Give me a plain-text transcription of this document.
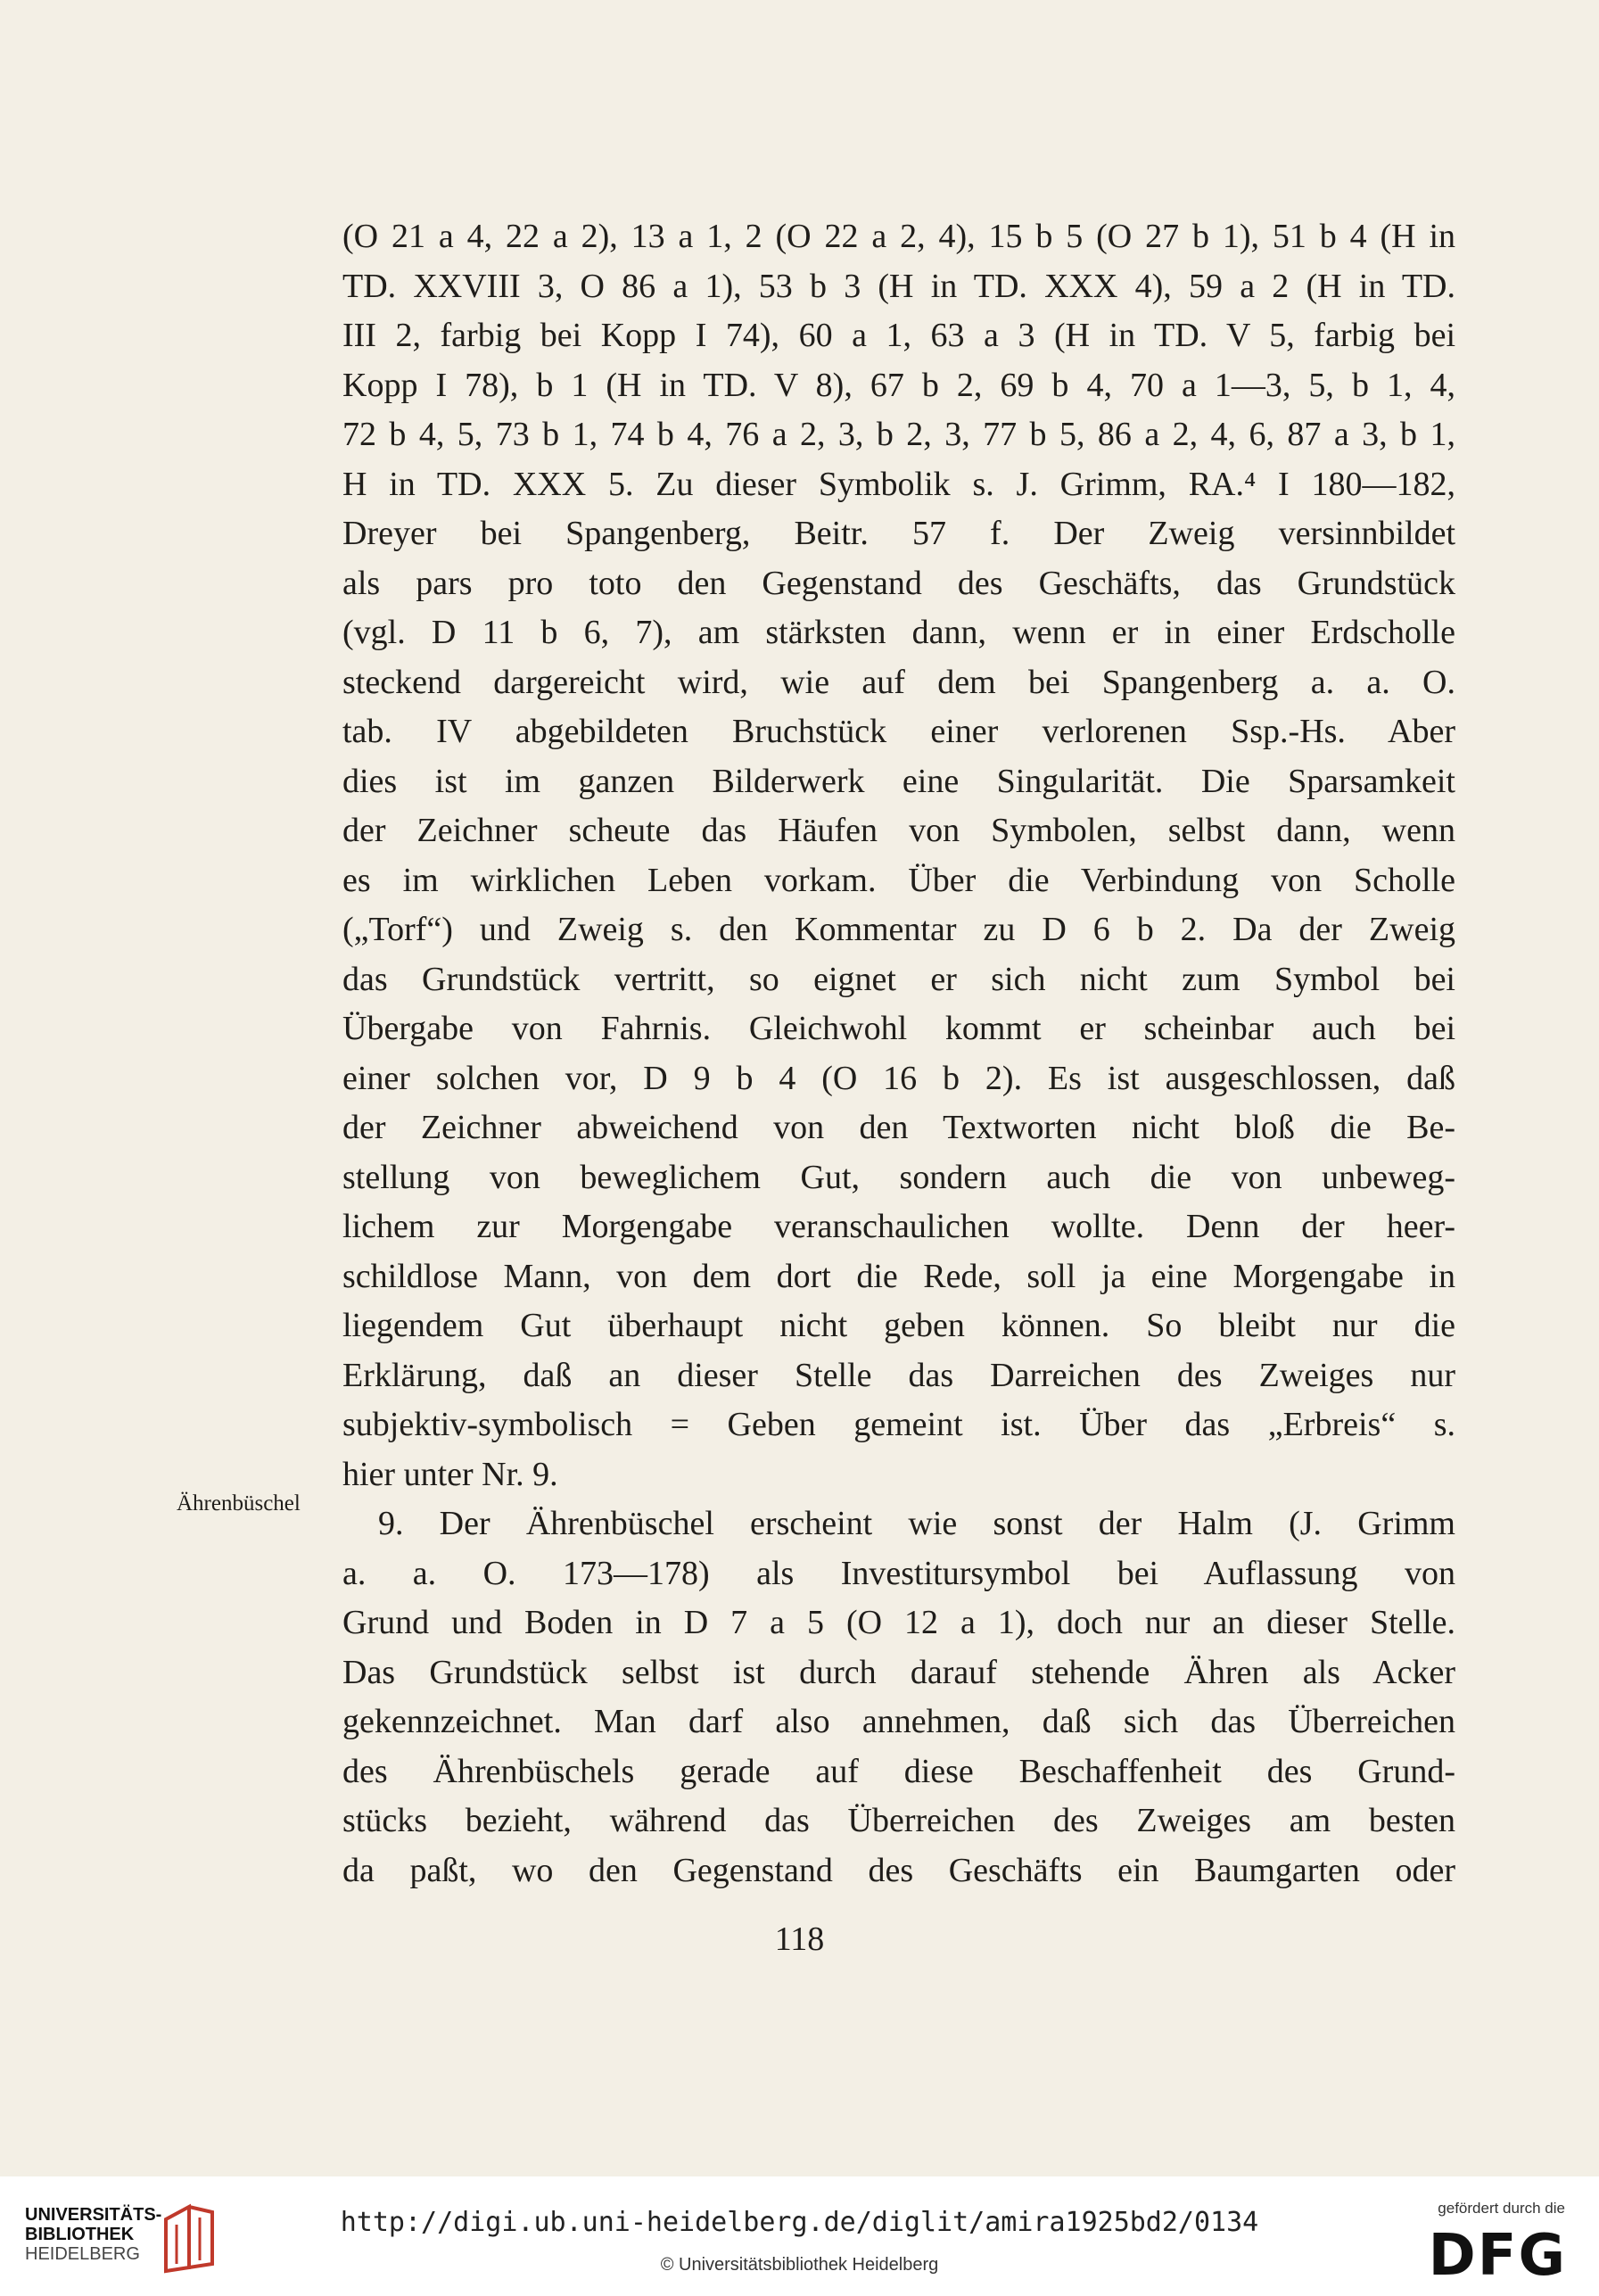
(O 21 a 4, 22 a 2), 13 a 1, 2 (O 22 a 2, 4), 15 b 5 (O 27 b 1), 51 b 4 (H in
TD. XXVIII 3, O 86 a 1), 53 b 3 (H in TD. XXX 4), 59 a 2 (H in TD.
III 2, farbig bei Kopp I 74), 60 a 1, 63 a 3 (H in TD. V 5, farbig bei
Kopp I 78), b 1 (H in TD. V 8), 67 b 2, 69 b 4, 70 a 1—3, 5, b 1, 4,
72 b 4, 5, 73 b 1, 74 b 4, 76 a 2, 3, b 2, 3, 77 b 5, 86 a 2, 4, 6, 87 a 3, b 1,
H in TD. XXX 5. Zu dieser Symbolik s. J. Grimm, RA.⁴ I 180—182,
Dreyer bei Spangenberg, Beitr. 57 f. Der Zweig versinnbildet
als pars pro toto den Gegenstand des Geschäfts, das Grundstück
(vgl. D 11 b 6, 7), am stärksten dann, wenn er in einer Erdscholle
steckend dargereicht wird, wie auf dem bei Spangenberg a. a. O.
tab. IV abgebildeten Bruchstück einer verlorenen Ssp.-Hs. Aber
dies ist im ganzen Bilderwerk eine Singularität. Die Sparsamkeit
der Zeichner scheute das Häufen von Symbolen, selbst dann, wenn
es im wirklichen Leben vorkam. Über die Verbindung von Scholle
(„Torf“) und Zweig s. den Kommentar zu D 6 b 2. Da der Zweig
das Grundstück vertritt, so eignet er sich nicht zum Symbol bei
Übergabe von Fahrnis. Gleichwohl kommt er scheinbar auch bei
einer solchen vor, D 9 b 4 (O 16 b 2). Es ist ausgeschlossen, daß
der Zeichner abweichend von den Textworten nicht bloß die Be-
stellung von beweglichem Gut, sondern auch die von unbeweg-
lichem zur Morgengabe veranschaulichen wollte. Denn der heer-
schildlose Mann, von dem dort die Rede, soll ja eine Morgengabe in
liegendem Gut überhaupt nicht geben können. So bleibt nur die
Erklärung, daß an dieser Stelle das Darreichen des Zweiges nur
subjektiv-symbolisch = Geben gemeint ist. Über das „Erbreis“ s.
hier unter Nr. 9.
9. Der Ährenbüschel erscheint wie sonst der Halm (J. Grimm
a. a. O. 173—178) als Investitursymbol bei Auflassung von
Grund und Boden in D 7 a 5 (O 12 a 1), doch nur an dieser Stelle.
Das Grundstück selbst ist durch darauf stehende Ähren als Acker
gekennzeichnet. Man darf also annehmen, daß sich das Überreichen
des Ährenbüschels gerade auf diese Beschaffenheit des Grund-
stücks bezieht, während das Überreichen des Zweiges am besten
da paßt, wo den Gegenstand des Geschäfts ein Baumgarten oder
Ährenbüschel
118
UNIVERSITÄTS-
BIBLIOTHEK
HEIDELBERG
http://digi.ub.uni-heidelberg.de/diglit/amira1925bd2/0134
© Universitätsbibliothek Heidelberg
gefördert durch die
DFG
